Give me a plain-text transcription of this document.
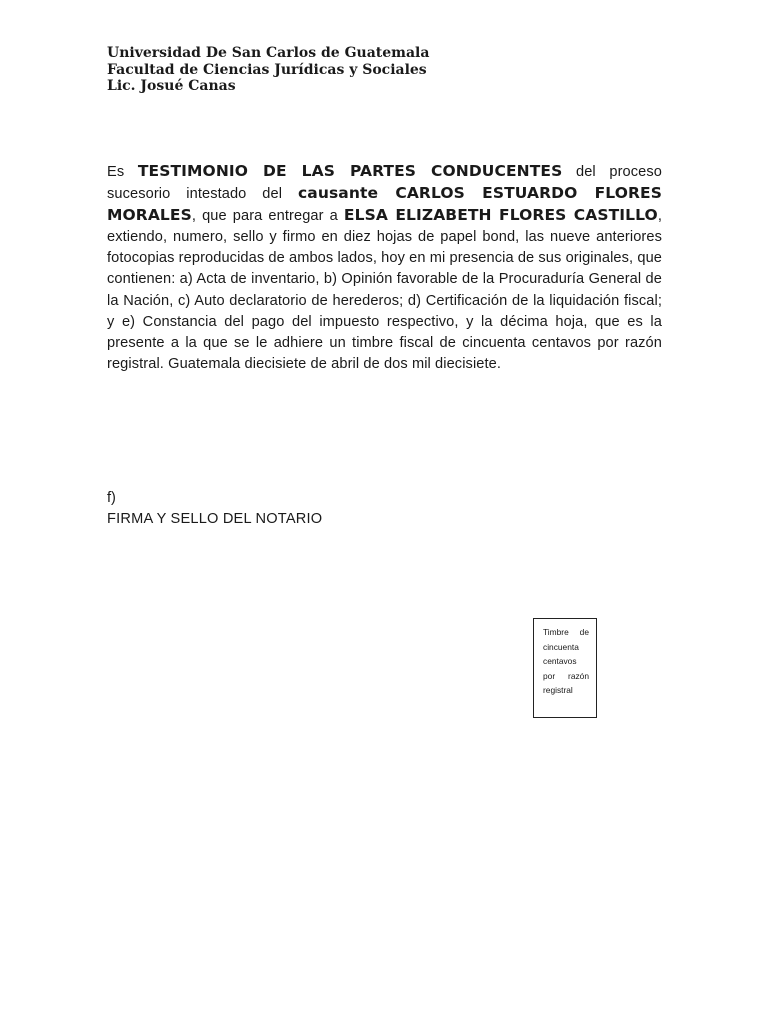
Universidad De San Carlos de Guatemala
Facultad de Ciencias Jurídicas y Sociales
Lic. Josué Canas
Es TESTIMONIO DE LAS PARTES CONDUCENTES del proceso sucesorio intestado del causante CARLOS ESTUARDO FLORES MORALES, que para entregar a ELSA ELIZABETH FLORES CASTILLO, extiendo, numero, sello y firmo en diez hojas de papel bond, las nueve anteriores fotocopias reproducidas de ambos lados, hoy en mi presencia de sus originales, que contienen: a) Acta de inventario, b) Opinión favorable de la Procuraduría General de la Nación, c) Auto declaratorio de herederos; d) Certificación de la liquidación fiscal; y e) Constancia del pago del impuesto respectivo, y la décima hoja, que es la presente a la que se le adhiere un timbre fiscal de cincuenta centavos por razón registral. Guatemala diecisiete de abril de dos mil diecisiete.
f)
FIRMA Y SELLO DEL NOTARIO
Timbre de cincuenta centavos por razón registral
